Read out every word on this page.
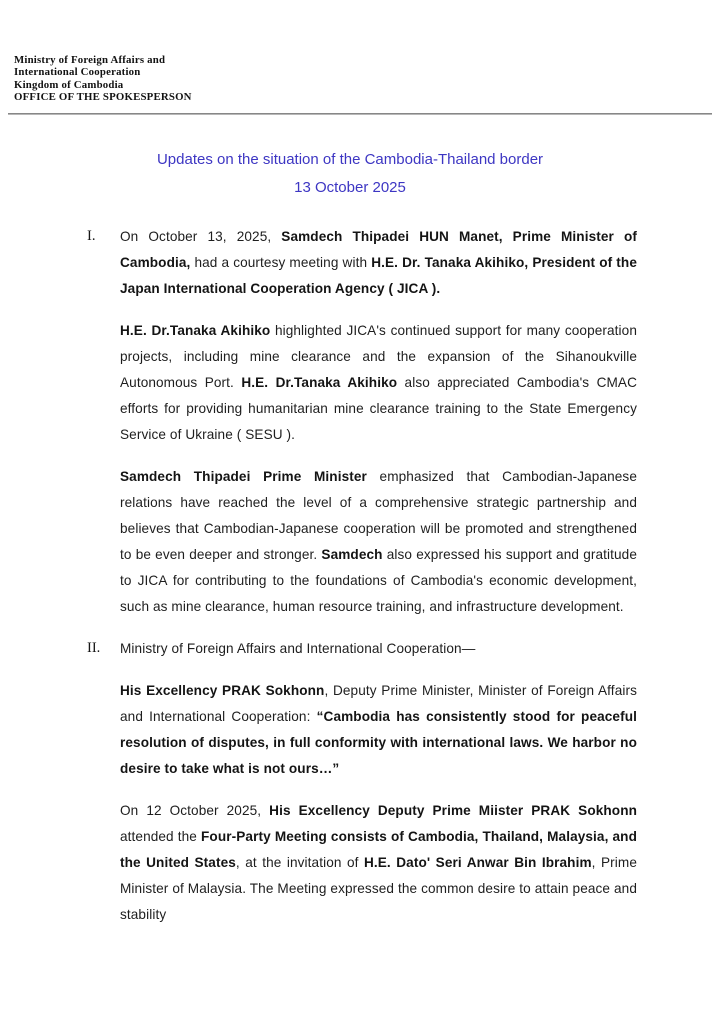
Ministry of Foreign Affairs and
International Cooperation
Kingdom of Cambodia
OFFICE OF THE SPOKESPERSON
Updates on the situation of the Cambodia-Thailand border
13 October 2025
I. On October 13, 2025, Samdech Thipadei HUN Manet, Prime Minister of Cambodia, had a courtesy meeting with H.E. Dr. Tanaka Akihiko, President of the Japan International Cooperation Agency ( JICA ).

H.E. Dr.Tanaka Akihiko highlighted JICA's continued support for many cooperation projects, including mine clearance and the expansion of the Sihanoukville Autonomous Port. H.E. Dr.Tanaka Akihiko also appreciated Cambodia's CMAC efforts for providing humanitarian mine clearance training to the State Emergency Service of Ukraine ( SESU ).

Samdech Thipadei Prime Minister emphasized that Cambodian-Japanese relations have reached the level of a comprehensive strategic partnership and believes that Cambodian-Japanese cooperation will be promoted and strengthened to be even deeper and stronger. Samdech also expressed his support and gratitude to JICA for contributing to the foundations of Cambodia's economic development, such as mine clearance, human resource training, and infrastructure development.

II. Ministry of Foreign Affairs and International Cooperation—

His Excellency PRAK Sokhonn, Deputy Prime Minister, Minister of Foreign Affairs and International Cooperation: “Cambodia has consistently stood for peaceful resolution of disputes, in full conformity with international laws. We harbor no desire to take what is not ours…”

On 12 October 2025, His Excellency Deputy Prime Miister PRAK Sokhonn attended the Four-Party Meeting consists of Cambodia, Thailand, Malaysia, and the United States, at the invitation of H.E. Dato' Seri Anwar Bin Ibrahim, Prime Minister of Malaysia. The Meeting expressed the common desire to attain peace and stability
